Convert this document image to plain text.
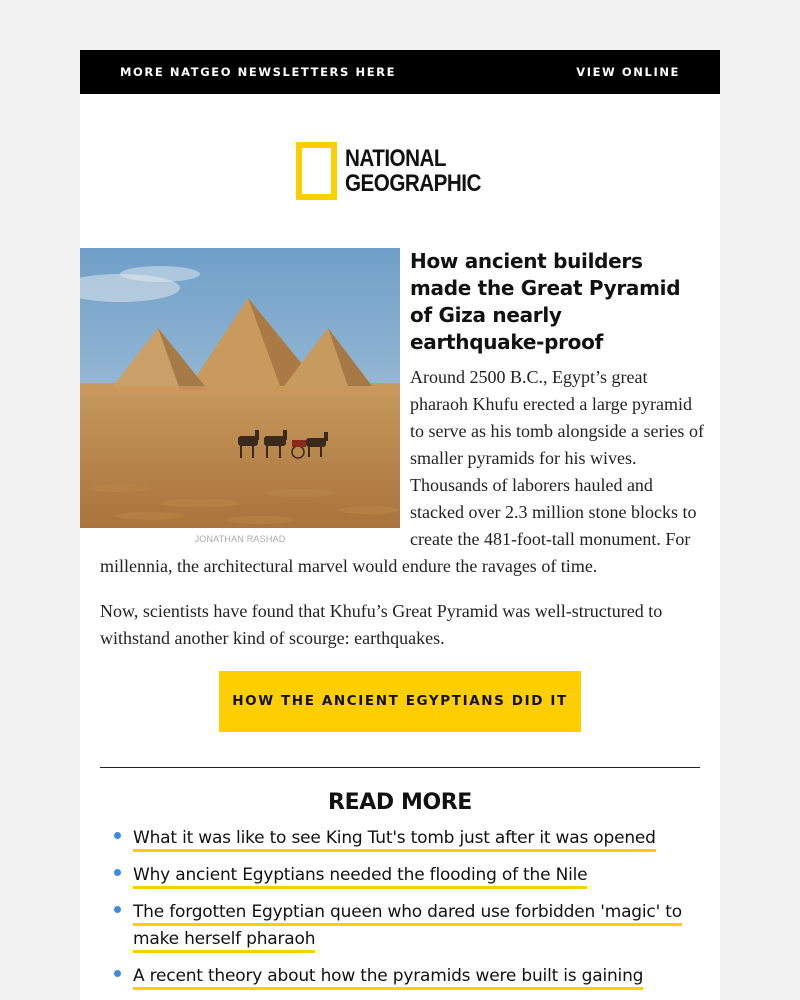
MORE NATGEO NEWSLETTERS HERE	VIEW ONLINE
NATIONAL
GEOGRAPHIC
JONATHAN RASHAD
How ancient builders made the Great Pyramid of Giza nearly earthquake-proof
Around 2500 B.C., Egypt’s great pharaoh Khufu erected a large pyramid to serve as his tomb alongside a series of smaller pyramids for his wives. Thousands of laborers hauled and stacked over 2.3 million stone blocks to create the 481-foot-tall monument. For
millennia, the architectural marvel would endure the ravages of time.
Now, scientists have found that Khufu’s Great Pyramid was well-structured to withstand another kind of scourge: earthquakes.
HOW THE ANCIENT EGYPTIANS DID IT
READ MORE
What it was like to see King Tut's tomb just after it was opened
Why ancient Egyptians needed the flooding of the Nile
The forgotten Egyptian queen who dared use forbidden 'magic' to make herself pharaoh
A recent theory about how the pyramids were built is gaining
